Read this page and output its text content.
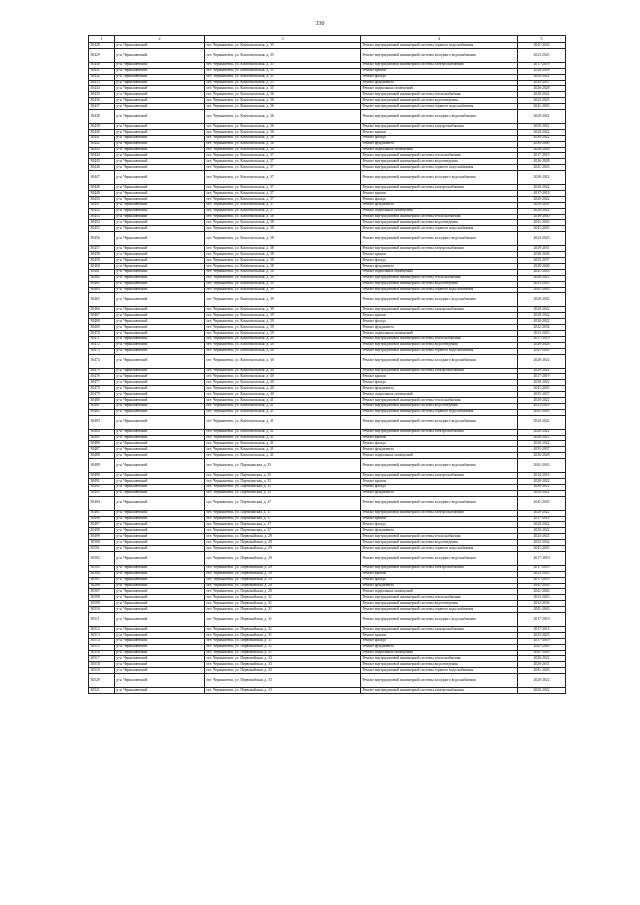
330
1	2	3	4	5
30428	р-н. Чернышевский	пгт. Чернышевск, ул. Комсомольская, д. 35	Ремонт внутридомовой инженерной системы горячего водоснабжения	2041-2043
30429	р-н. Чернышевский	пгт. Чернышевск, ул. Комсомольская, д. 35	Ремонт внутридомовой инженерной системы холодного водоснабжения	2023-2025
30430	р-н. Чернышевский	пгт. Чернышевск, ул. Комсомольская, д. 35	Ремонт внутридомовой инженерной системы электроснабжения	2017-2019
30431	р-н. Чернышевский	пгт. Чернышевск, ул. Комсомольская, д. 35	Ремонт крыши	2026-2028
30432	р-н. Чернышевский	пгт. Чернышевск, ул. Комсомольская, д. 35	Ремонт фасада	2020-2022
30433	р-н. Чернышевский	пгт. Чернышевск, ул. Комсомольская, д. 35	Ремонт фундамента	2035-2037
30434	р-н. Чернышевский	пгт. Чернышевск, ул. Комсомольская, д. 35	Ремонт подвальных помещений	2026-2028
30435	р-н. Чернышевский	пгт. Чернышевск, ул. Комсомольская, д. 36	Ремонт внутридомовой инженерной системы теплоснабжения	2020-2022
30436	р-н. Чернышевский	пгт. Чернышевск, ул. Комсомольская, д. 36	Ремонт внутридомовой инженерной системы водоотведения	2023-2025
30437	р-н. Чернышевский	пгт. Чернышевск, ул. Комсомольская, д. 36	Ремонт внутридомовой инженерной системы горячего водоснабжения	2041-2043
30438	р-н. Чернышевский	пгт. Чернышевск, ул. Комсомольская, д. 36	Ремонт внутридомовой инженерной системы холодного водоснабжения	2020-2022
30439	р-н. Чернышевский	пгт. Чернышевск, ул. Комсомольская, д. 36	Ремонт внутридомовой инженерной системы электроснабжения	2020-2022
30440	р-н. Чернышевский	пгт. Чернышевск, ул. Комсомольская, д. 36	Ремонт крыши	2020-2022
30441	р-н. Чернышевский	пгт. Чернышевск, ул. Комсомольская, д. 36	Ремонт фасада	2020-2022
30442	р-н. Чернышевский	пгт. Чернышевск, ул. Комсомольская, д. 36	Ремонт фундамента	2038-2040
30443	р-н. Чернышевский	пгт. Чернышевск, ул. Комсомольская, д. 36	Ремонт подвальных помещений	2026-2028
30444	р-н. Чернышевский	пгт. Чернышевск, ул. Комсомольская, д. 37	Ремонт внутридомовой инженерной системы теплоснабжения	2017-2019
30445	р-н. Чернышевский	пгт. Чернышевск, ул. Комсомольская, д. 37	Ремонт внутридомовой инженерной системы водоотведения	2026-2028
30446	р-н. Чернышевский	пгт. Чернышевск, ул. Комсомольская, д. 37	Ремонт внутридомовой инженерной системы горячего водоснабжения	2041-2043
30447	р-н. Чернышевский	пгт. Чернышевск, ул. Комсомольская, д. 37	Ремонт внутридомовой инженерной системы холодного водоснабжения	2020-2022
30448	р-н. Чернышевский	пгт. Чернышевск, ул. Комсомольская, д. 37	Ремонт внутридомовой инженерной системы электроснабжения	2020-2022
30449	р-н. Чернышевский	пгт. Чернышевск, ул. Комсомольская, д. 37	Ремонт крыши	2017-2019
30450	р-н. Чернышевский	пгт. Чернышевск, ул. Комсомольская, д. 37	Ремонт фасада	2020-2022
30451	р-н. Чернышевский	пгт. Чернышевск, ул. Комсомольская, д. 37	Ремонт фундамента	2029-2031
30452	р-н. Чернышевский	пгт. Чернышевск, ул. Комсомольская, д. 37	Ремонт подвальных помещений	2020-2022
30453	р-н. Чернышевский	пгт. Чернышевск, ул. Комсомольская, д. 38	Ремонт внутридомовой инженерной системы теплоснабжения	2038-2040
30454	р-н. Чернышевский	пгт. Чернышевск, ул. Комсомольская, д. 38	Ремонт внутридомовой инженерной системы водоотведения	2041-2043
30455	р-н. Чернышевский	пгт. Чернышевск, ул. Комсомольская, д. 38	Ремонт внутридомовой инженерной системы горячего водоснабжения	2041-2043
30456	р-н. Чернышевский	пгт. Чернышевск, ул. Комсомольская, д. 38	Ремонт внутридомовой инженерной системы холодного водоснабжения	2023-2025
30457	р-н. Чернышевский	пгт. Чернышевск, ул. Комсомольская, д. 38	Ремонт внутридомовой инженерной системы электроснабжения	2029-2031
30458	р-н. Чернышевский	пгт. Чернышевск, ул. Комсомольская, д. 38	Ремонт крыши	2038-2040
30459	р-н. Чернышевский	пгт. Чернышевск, ул. Комсомольская, д. 38	Ремонт фасада	2035-2037
30460	р-н. Чернышевский	пгт. Чернышевск, ул. Комсомольская, д. 38	Ремонт фундамента	2038-2040
30461	р-н. Чернышевский	пгт. Чернышевск, ул. Комсомольская, д. 38	Ремонт подвальных помещений	2041-2043
30462	р-н. Чернышевский	пгт. Чернышевск, ул. Комсомольская, д. 39	Ремонт внутридомовой инженерной системы теплоснабжения	2020-2022
30463	р-н. Чернышевский	пгт. Чернышевск, ул. Комсомольская, д. 39	Ремонт внутридомовой инженерной системы водоотведения	2023-2025
30464	р-н. Чернышевский	пгт. Чернышевск, ул. Комсомольская, д. 39	Ремонт внутридомовой инженерной системы горячего водоснабжения	2041-2043
30465	р-н. Чернышевский	пгт. Чернышевск, ул. Комсомольская, д. 39	Ремонт внутридомовой инженерной системы холодного водоснабжения	2020-2022
30466	р-н. Чернышевский	пгт. Чернышевск, ул. Комсомольская, д. 39	Ремонт внутридомовой инженерной системы электроснабжения	2020-2022
30467	р-н. Чернышевский	пгт. Чернышевск, ул. Комсомольская, д. 39	Ремонт крыши	2020-2022
30468	р-н. Чернышевский	пгт. Чернышевск, ул. Комсомольская, д. 39	Ремонт фасада	2020-2022
30469	р-н. Чернышевский	пгт. Чернышевск, ул. Комсомольская, д. 39	Ремонт фундамента	2032-2034
30470	р-н. Чернышевский	пгт. Чернышевск, ул. Комсомольская, д. 39	Ремонт подвальных помещений	2023-2025
30471	р-н. Чернышевский	пгт. Чернышевск, ул. Комсомольская, д. 40	Ремонт внутридомовой инженерной системы теплоснабжения	2017-2019
30472	р-н. Чернышевский	пгт. Чернышевск, ул. Комсомольская, д. 40	Ремонт внутридомовой инженерной системы водоотведения	2026-2028
30473	р-н. Чернышевский	пгт. Чернышевск, ул. Комсомольская, д. 40	Ремонт внутридомовой инженерной системы горячего водоснабжения	2041-2043
30474	р-н. Чернышевский	пгт. Чернышевск, ул. Комсомольская, д. 40	Ремонт внутридомовой инженерной системы холодного водоснабжения	2020-2022
30475	р-н. Чернышевский	пгт. Чернышевск, ул. Комсомольская, д. 40	Ремонт внутридомовой инженерной системы электроснабжения	2020-2022
30476	р-н. Чернышевский	пгт. Чернышевск, ул. Комсомольская, д. 40	Ремонт крыши	2017-2019
30477	р-н. Чернышевский	пгт. Чернышевск, ул. Комсомольская, д. 40	Ремонт фасада	2020-2022
30478	р-н. Чернышевский	пгт. Чернышевск, ул. Комсомольская, д. 40	Ремонт фундамента	2041-2043
30479	р-н. Чернышевский	пгт. Чернышевск, ул. Комсомольская, д. 40	Ремонт подвальных помещений	2035-2037
30480	р-н. Чернышевский	пгт. Чернышевск, ул. Комсомольская, д. 41	Ремонт внутридомовой инженерной системы теплоснабжения	2020-2022
30481	р-н. Чернышевский	пгт. Чернышевск, ул. Комсомольская, д. 41	Ремонт внутридомовой инженерной системы водоотведения	2023-2025
30482	р-н. Чернышевский	пгт. Чернышевск, ул. Комсомольская, д. 41	Ремонт внутридомовой инженерной системы горячего водоснабжения	2041-2043
30483	р-н. Чернышевский	пгт. Чернышевск, ул. Комсомольская, д. 41	Ремонт внутридомовой инженерной системы холодного водоснабжения	2020-2022
30484	р-н. Чернышевский	пгт. Чернышевск, ул. Комсомольская, д. 41	Ремонт внутридомовой инженерной системы электроснабжения	2020-2022
30485	р-н. Чернышевский	пгт. Чернышевск, ул. Комсомольская, д. 41	Ремонт крыши	2020-2022
30486	р-н. Чернышевский	пгт. Чернышевск, ул. Комсомольская, д. 41	Ремонт фасада	2020-2022
30487	р-н. Чернышевский	пгт. Чернышевск, ул. Комсомольская, д. 41	Ремонт фундамента	2035-2037
30488	р-н. Чернышевский	пгт. Чернышевск, ул. Комсомольская, д. 41	Ремонт подвальных помещений	2026-2028
30489	р-н. Чернышевский	пгт. Чернышевск, ул. Партизанская, д. 35	Ремонт внутридомовой инженерной системы холодного водоснабжения	2041-2043
30490	р-н. Чернышевский	пгт. Чернышевск, ул. Партизанская, д. 35	Ремонт внутридомовой инженерной системы электроснабжения	2014-2016
30491	р-н. Чернышевский	пгт. Чернышевск, ул. Партизанская, д. 35	Ремонт крыши	2020-2022
30492	р-н. Чернышевский	пгт. Чернышевск, ул. Партизанская, д. 35	Ремонт фасада	2020-2022
30493	р-н. Чернышевский	пгт. Чернышевск, ул. Партизанская, д. 35	Ремонт фундамента	2020-2022
30494	р-н. Чернышевский	пгт. Чернышевск, ул. Партизанская, д. 37	Ремонт внутридомовой инженерной системы холодного водоснабжения	2041-2043
30495	р-н. Чернышевский	пгт. Чернышевск, ул. Партизанская, д. 37	Ремонт внутридомовой инженерной системы электроснабжения	2020-2022
30496	р-н. Чернышевский	пгт. Чернышевск, ул. Партизанская, д. 37	Ремонт крыши	2017-2019
30497	р-н. Чернышевский	пгт. Чернышевск, ул. Партизанская, д. 37	Ремонт фасада	2020-2022
30498	р-н. Чернышевский	пгт. Чернышевск, ул. Партизанская, д. 37	Ремонт фундамента	2020-2022
30499	р-н. Чернышевский	пгт. Чернышевск, ул. Первомайская, д. 29	Ремонт внутридомовой инженерной системы теплоснабжения	2023-2025
30500	р-н. Чернышевский	пгт. Чернышевск, ул. Первомайская, д. 29	Ремонт внутридомовой инженерной системы водоотведения	2032-2034
30501	р-н. Чернышевский	пгт. Чернышевск, ул. Первомайская, д. 29	Ремонт внутридомовой инженерной системы горячего водоснабжения	2041-2043
30502	р-н. Чернышевский	пгт. Чернышевск, ул. Первомайская, д. 29	Ремонт внутридомовой инженерной системы холодного водоснабжения	2017-2019
30503	р-н. Чернышевский	пгт. Чернышевск, ул. Первомайская, д. 29	Ремонт внутридомовой инженерной системы электроснабжения	2017-2019
30504	р-н. Чернышевский	пгт. Чернышевск, ул. Первомайская, д. 29	Ремонт крыши	2023-2025
30505	р-н. Чернышевский	пгт. Чернышевск, ул. Первомайская, д. 29	Ремонт фасада	2017-2019
30506	р-н. Чернышевский	пгт. Чернышевск, ул. Первомайская, д. 29	Ремонт фундамента	2041-2043
30507	р-н. Чернышевский	пгт. Чернышевск, ул. Первомайская, д. 29	Ремонт подвальных помещений	2041-2043
30508	р-н. Чернышевский	пгт. Чернышевск, ул. Первомайская, д. 31	Ремонт внутридомовой инженерной системы теплоснабжения	2023-2025
30509	р-н. Чернышевский	пгт. Чернышевск, ул. Первомайская, д. 31	Ремонт внутридомовой инженерной системы водоотведения	2032-2034
30510	р-н. Чернышевский	пгт. Чернышевск, ул. Первомайская, д. 31	Ремонт внутридомовой инженерной системы горячего водоснабжения	2041-2043
30511	р-н. Чернышевский	пгт. Чернышевск, ул. Первомайская, д. 31	Ремонт внутридомовой инженерной системы холодного водоснабжения	2017-2019
30512	р-н. Чернышевский	пгт. Чернышевск, ул. Первомайская, д. 31	Ремонт внутридомовой инженерной системы электроснабжения	2017-2019
30513	р-н. Чернышевский	пгт. Чернышевск, ул. Первомайская, д. 31	Ремонт крыши	2023-2025
30514	р-н. Чернышевский	пгт. Чернышевск, ул. Первомайская, д. 31	Ремонт фасада	2017-2019
30515	р-н. Чернышевский	пгт. Чернышевск, ул. Первомайская, д. 31	Ремонт фундамента	2041-2043
30516	р-н. Чернышевский	пгт. Чернышевск, ул. Первомайская, д. 31	Ремонт подвальных помещений	2041-2043
30517	р-н. Чернышевский	пгт. Чернышевск, ул. Первомайская, д. 33	Ремонт внутридомовой инженерной системы теплоснабжения	2020-2022
30518	р-н. Чернышевский	пгт. Чернышевск, ул. Первомайская, д. 33	Ремонт внутридомовой инженерной системы водоотведения	2029-2031
30519	р-н. Чернышевский	пгт. Чернышевск, ул. Первомайская, д. 33	Ремонт внутридомовой инженерной системы горячего водоснабжения	2041-2043
30520	р-н. Чернышевский	пгт. Чернышевск, ул. Первомайская, д. 33	Ремонт внутридомовой инженерной системы холодного водоснабжения	2020-2022
30521	р-н. Чернышевский	пгт. Чернышевск, ул. Первомайская, д. 33	Ремонт внутридомовой инженерной системы электроснабжения	2020-2022
